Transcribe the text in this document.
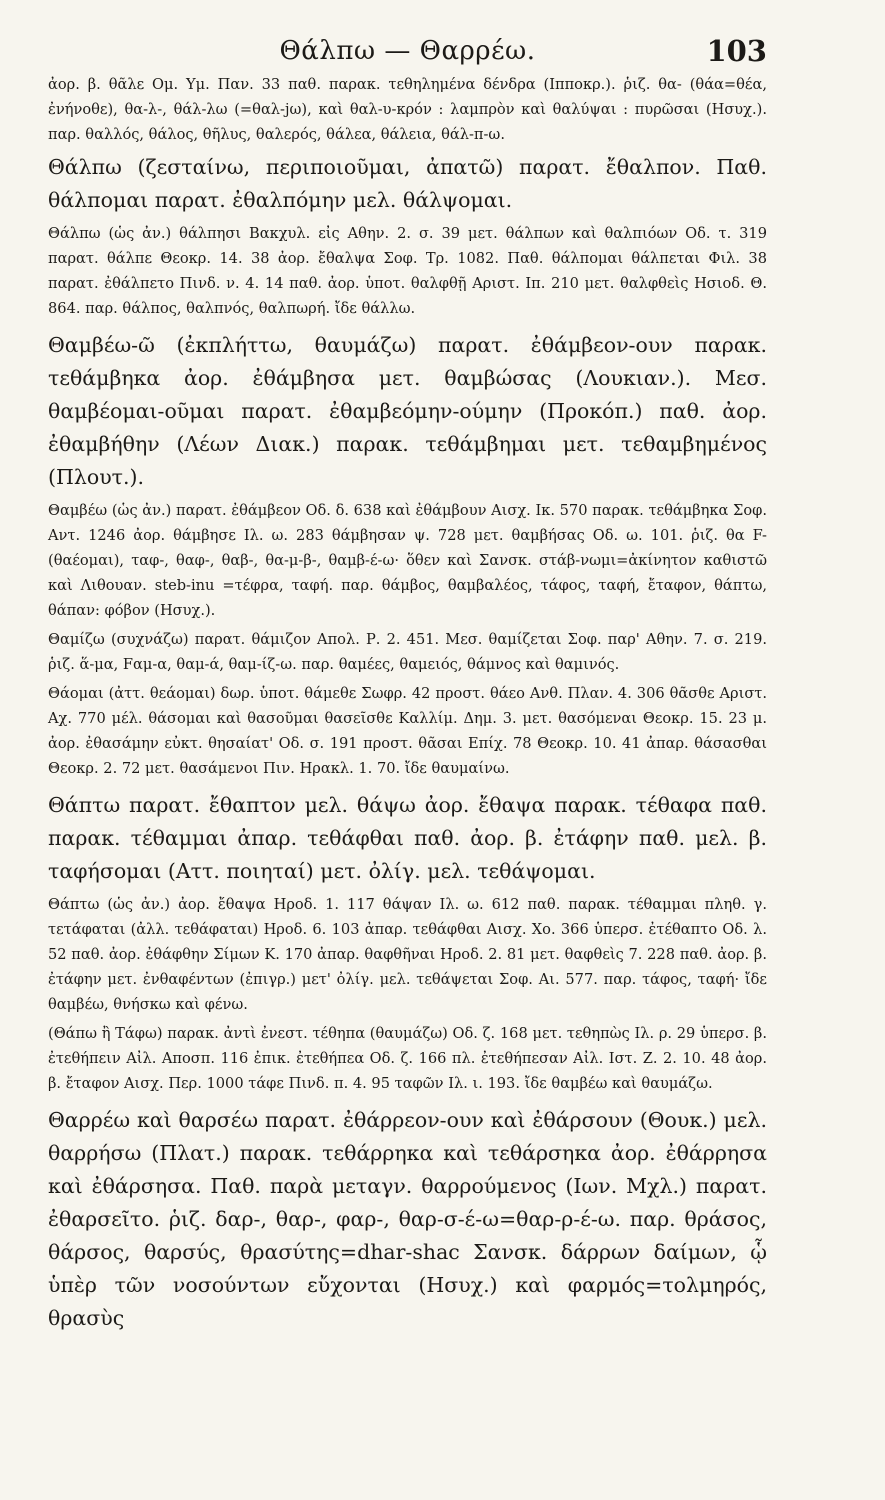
Θάλπω — Θαρρέω.	103

ἀορ. β. θᾶλε Ομ. Υμ. Παν. 33 παθ. παρακ. τεθηλημένα δένδρα (Ιπποκρ.). ῥιζ. θα- (θάα=θέα, ἐνήνοθε), θα-λ-, θάλ-λω (=θαλ-jω), καὶ θαλ-υ-κρόν : λαμπρὸν καὶ θαλύψαι : πυρῶσαι (Ησυχ.). παρ. θαλλός, θάλος, θῆλυς, θαλερός, θάλεα, θάλεια, θάλ-π-ω.

Θάλπω (ζεσταίνω, περιποιοῦμαι, ἀπατῶ) παρατ. ἔθαλπον. Παθ. θάλπομαι παρατ. ἐθαλπόμην μελ. θάλψομαι.

Θάλπω (ὡς ἀν.) θάλπησι Βακχυλ. εἰς Αθην. 2. σ. 39 μετ. θάλπων καὶ θαλπιόων Οδ. τ. 319 παρατ. θάλπε Θεοκρ. 14. 38 ἀορ. ἔθαλψα Σοφ. Τρ. 1082. Παθ. θάλπομαι θάλπεται Φιλ. 38 παρατ. ἐθάλπετο Πινδ. ν. 4. 14 παθ. ἀορ. ὑποτ. θαλφθῇ Αριστ. Ιπ. 210 μετ. θαλφθεὶς Ησιοδ. Θ. 864. παρ. θάλπος, θαλπνός, θαλπωρή. ἴδε θάλλω.

Θαμβέω-ῶ (ἐκπλήττω, θαυμάζω) παρατ. ἐθάμβεον-ουν παρακ. τεθάμβηκα ἀορ. ἐθάμβησα μετ. θαμβώσας (Λουκιαν.). Μεσ. θαμβέομαι-οῦμαι παρατ. ἐθαμβεόμην-ούμην (Προκόπ.) παθ. ἀορ. ἐθαμβήθην (Λέων Διακ.) παρακ. τεθάμβημαι μετ. τεθαμβημένος (Πλουτ.).

Θαμβέω (ὡς ἀν.) παρατ. ἐθάμβεον Οδ. δ. 638 καὶ ἐθάμβουν Αισχ. Ικ. 570 παρακ. τεθάμβηκα Σοφ. Αντ. 1246 ἀορ. θάμβησε Ιλ. ω. 283 θάμβησαν ψ. 728 μετ. θαμβήσας Οδ. ω. 101. ῥιζ. θα F- (θαέομαι), ταφ-, θαφ-, θαβ-, θα-μ-β-, θαμβ-έ-ω· ὅθεν καὶ Σανσκ. στάβ-νωμι=ἀκίνητον καθιστῶ καὶ Λιθουαν. steb-inu =τέφρα, ταφή. παρ. θάμβος, θαμβαλέος, τάφος, ταφή, ἔταφον, θάπτω, θάπαν: φόβον (Ησυχ.).

Θαμίζω (συχνάζω) παρατ. θάμιζον Απολ. Ρ. 2. 451. Μεσ. θαμίζεται Σοφ. παρ' Αθην. 7. σ. 219. ῥιζ. ἅ-μα, Fαμ-α, θαμ-ά, θαμ-ίζ-ω. παρ. θαμέες, θαμειός, θάμνος καὶ θαμινός.

Θάομαι (ἀττ. θεάομαι) δωρ. ὑποτ. θάμεθε Σωφρ. 42 προστ. θάεο Ανθ. Πλαν. 4. 306 θᾶσθε Αριστ. Αχ. 770 μέλ. θάσομαι καὶ θασοῦμαι θασεῖσθε Καλλίμ. Δημ. 3. μετ. θασόμεναι Θεοκρ. 15. 23 μ. ἀορ. ἐθασάμην εὐκτ. θησαίατ' Οδ. σ. 191 προστ. θᾶσαι Επίχ. 78 Θεοκρ. 10. 41 ἀπαρ. θάσασθαι Θεοκρ. 2. 72 μετ. θασάμενοι Πιν. Ηρακλ. 1. 70. ἴδε θαυμαίνω.

Θάπτω παρατ. ἔθαπτον μελ. θάψω ἀορ. ἔθαψα παρακ. τέθαφα παθ. παρακ. τέθαμμαι ἀπαρ. τεθάφθαι παθ. ἀορ. β. ἐτάφην παθ. μελ. β. ταφήσομαι (Αττ. ποιηταί) μετ. ὀλίγ. μελ. τεθάψομαι.

Θάπτω (ὡς ἀν.) ἀορ. ἔθαψα Ηροδ. 1. 117 θάψαν Ιλ. ω. 612 παθ. παρακ. τέθαμμαι πληθ. γ. τετάφαται (ἀλλ. τεθάφαται) Ηροδ. 6. 103 ἀπαρ. τεθάφθαι Αισχ. Χο. 366 ὑπερσ. ἐτέθαπτο Οδ. λ. 52 παθ. ἀορ. ἐθάφθην Σίμων Κ. 170 ἀπαρ. θαφθῆναι Ηροδ. 2. 81 μετ. θαφθεὶς 7. 228 παθ. ἀορ. β. ἐτάφην μετ. ἐνθαφέντων (ἐπιγρ.) μετ' ὀλίγ. μελ. τεθάψεται Σοφ. Αι. 577. παρ. τάφος, ταφή· ἴδε θαμβέω, θνήσκω καὶ φένω.

(Θάπω ἢ Τάφω) παρακ. ἀντὶ ἐνεστ. τέθηπα (θαυμάζω) Οδ. ζ. 168 μετ. τεθηπὼς Ιλ. ρ. 29 ὑπερσ. β. ἐτεθήπειν Αἰλ. Αποσπ. 116 ἐπικ. ἐτεθήπεα Οδ. ζ. 166 πλ. ἐτεθήπεσαν Αἰλ. Ιστ. Ζ. 2. 10. 48 ἀορ. β. ἔταφον Αισχ. Περ. 1000 τάφε Πινδ. π. 4. 95 ταφῶν Ιλ. ι. 193. ἴδε θαμβέω καὶ θαυμάζω.

Θαρρέω καὶ θαρσέω παρατ. ἐθάρρεον-ουν καὶ ἐθάρσουν (Θουκ.) μελ. θαρρήσω (Πλατ.) παρακ. τεθάρρηκα καὶ τεθάρσηκα ἀορ. ἐθάρρησα καὶ ἐθάρσησα. Παθ. παρὰ μεταγν. θαρρούμενος (Ιων. Μχλ.) παρατ. ἐθαρσεῖτο. ῥιζ. δαρ-, θαρ-, φαρ-, θαρ-σ-έ-ω=θαρ-ρ-έ-ω. παρ. θράσος, θάρσος, θαρσύς, θρασύτης=dhar-shac Σανσκ. δάρρων δαίμων, ᾧ ὑπὲρ τῶν νοσούντων εὔχονται (Ησυχ.) καὶ φαρμός=τολμηρός, θρασὺς
